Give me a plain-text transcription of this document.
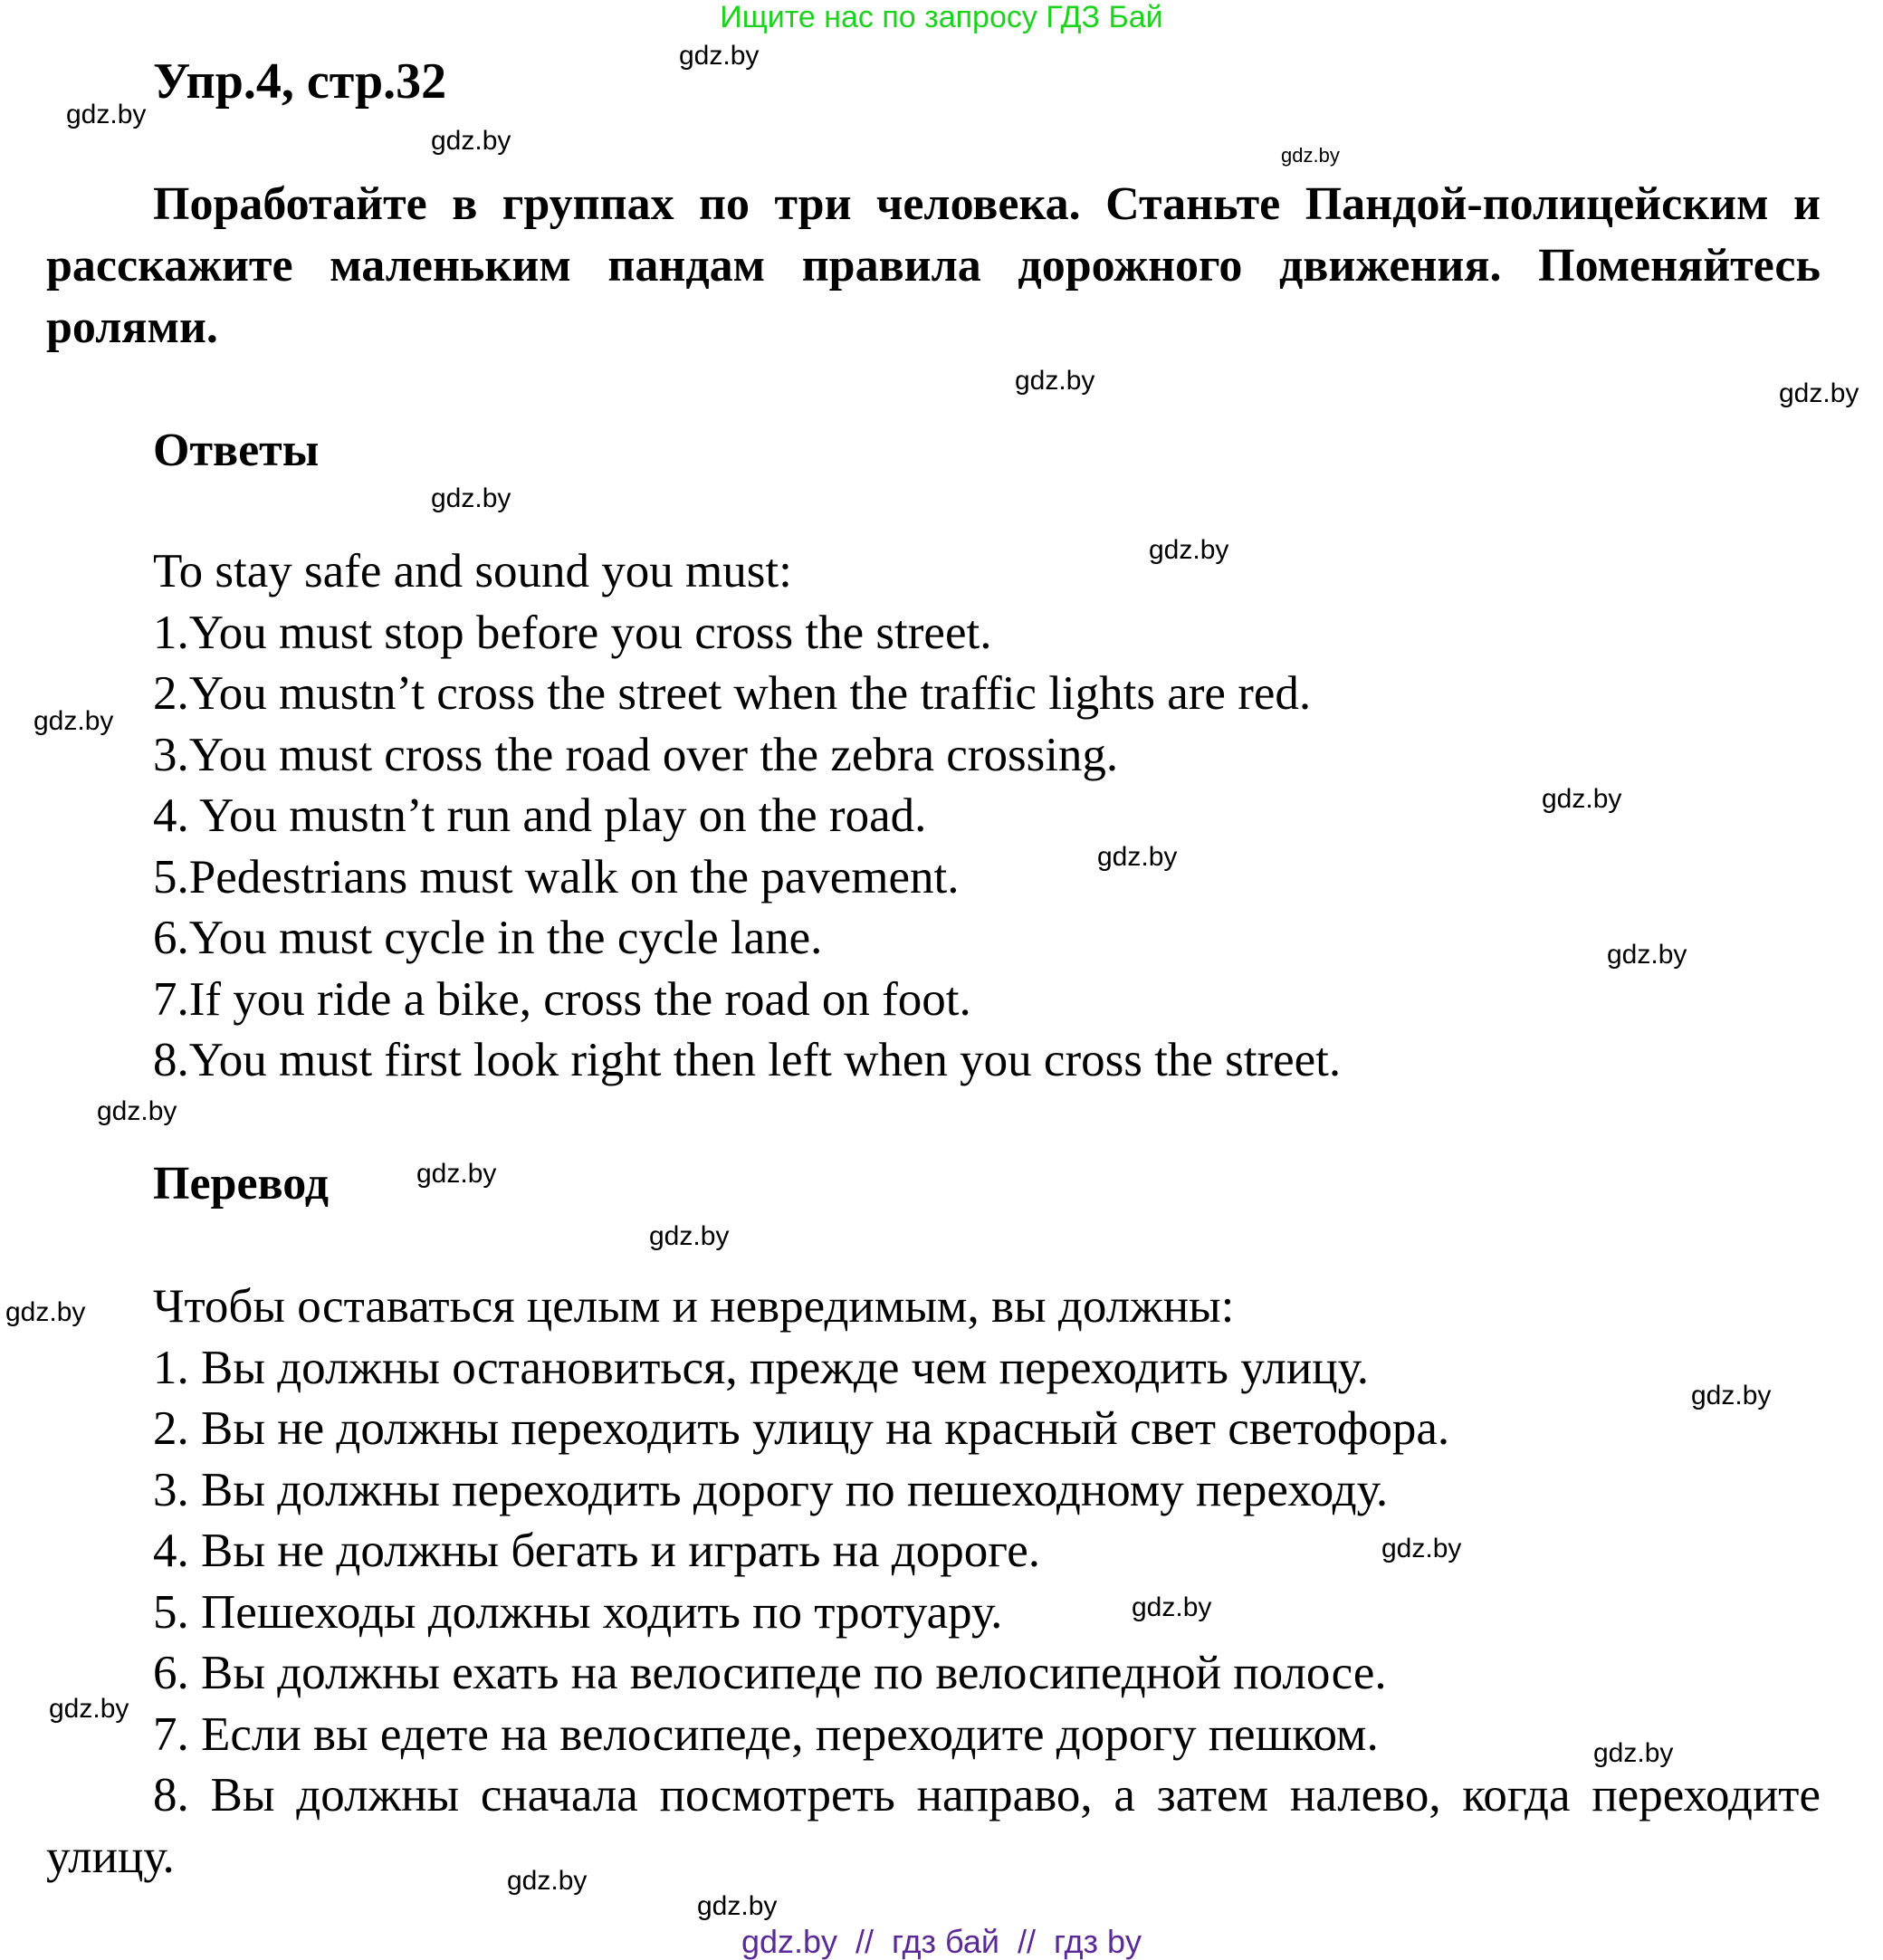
Ищите нас по запросу ГДЗ Бай
Упр.4, стр.32
Поработайте в группах по три человека. Станьте Пандой-полицейским и расскажите маленьким пандам правила дорожного движения. Поменяйтесь ролями.
Ответы
To stay safe and sound you must:
1.You must stop before you cross the street.
2.You mustn’t cross the street when the traffic lights are red.
3.You must cross the road over the zebra crossing.
4. You mustn’t run and play on the road.
5.Pedestrians must walk on the pavement.
6.You must cycle in the cycle lane.
7.If you ride a bike, cross the road on foot.
8.You must first look right then left when you cross the street.
Перевод
Чтобы оставаться целым и невредимым, вы должны:
1. Вы должны остановиться, прежде чем переходить улицу.
2. Вы не должны переходить улицу на красный свет светофора.
3. Вы должны переходить дорогу по пешеходному переходу.
4. Вы не должны бегать и играть на дороге.
5. Пешеходы должны ходить по тротуару.
6. Вы должны ехать на велосипеде по велосипедной полосе.
7. Если вы едете на велосипеде, переходите дорогу пешком.
8. Вы должны сначала посмотреть направо, а затем налево, когда переходите улицу.
gdz.by
gdz.by
gdz.by	gdz.by
gdz.by	gdz.by
gdz.by
gdz.by
gdz.by
gdz.by
gdz.by
gdz.by
gdz.by
gdz.by
gdz.by
gdz.by
gdz.by
gdz.by
gdz.by
gdz.by
gdz.by
gdz.by
gdz.by
gdz.by  //  гдз бай  //  гдз by
